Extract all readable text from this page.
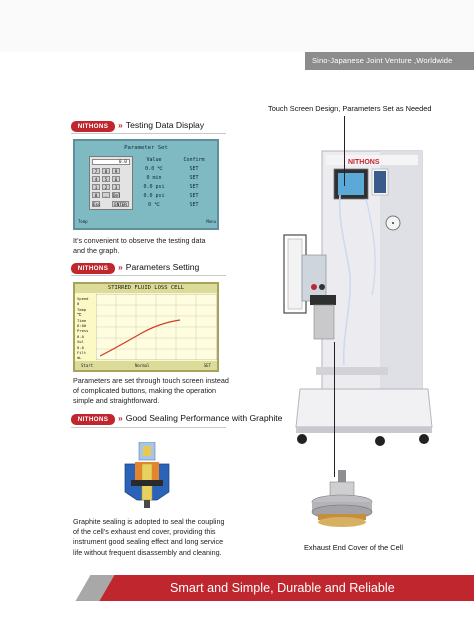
Sino-Japanese Joint Venture ,Worldwide Service
NITHONS	» Testing Data Display
Parameter Set
0.0
7	8	9
4	5	6
1	2	3
0	.	Del
Esc	ENTER
Value	Confirm
0.0 ℃	SET
0 min	SET
0.0 psi	SET
0.0 psi	SET
0 ℃	SET
Temp	Menu
It’s convenient to observe the testing data
and the graph.
NITHONS	» Parameters Setting
STIRRED FLUID LOSS CELL
Speed
0
Temp
℃
Time
0:00
Press
0.0
Vol
0.0
Filt
mL
Start	Normal	SET
Parameters are set through touch screen instead
of complicated buttons, making the operation
simple and straightforward.
NITHONS	» Good Sealing Performance with Graphite
Graphite sealing is adopted to seal the coupling
of the cell’s exhaust end cover, providing this
instrument good sealing effect and long service
life without frequent disassembly and cleaning.
NITHONS
Touch Screen Design, Parameters Set as Needed
Exhaust End Cover of the Cell
Smart and Simple, Durable and Reliable
